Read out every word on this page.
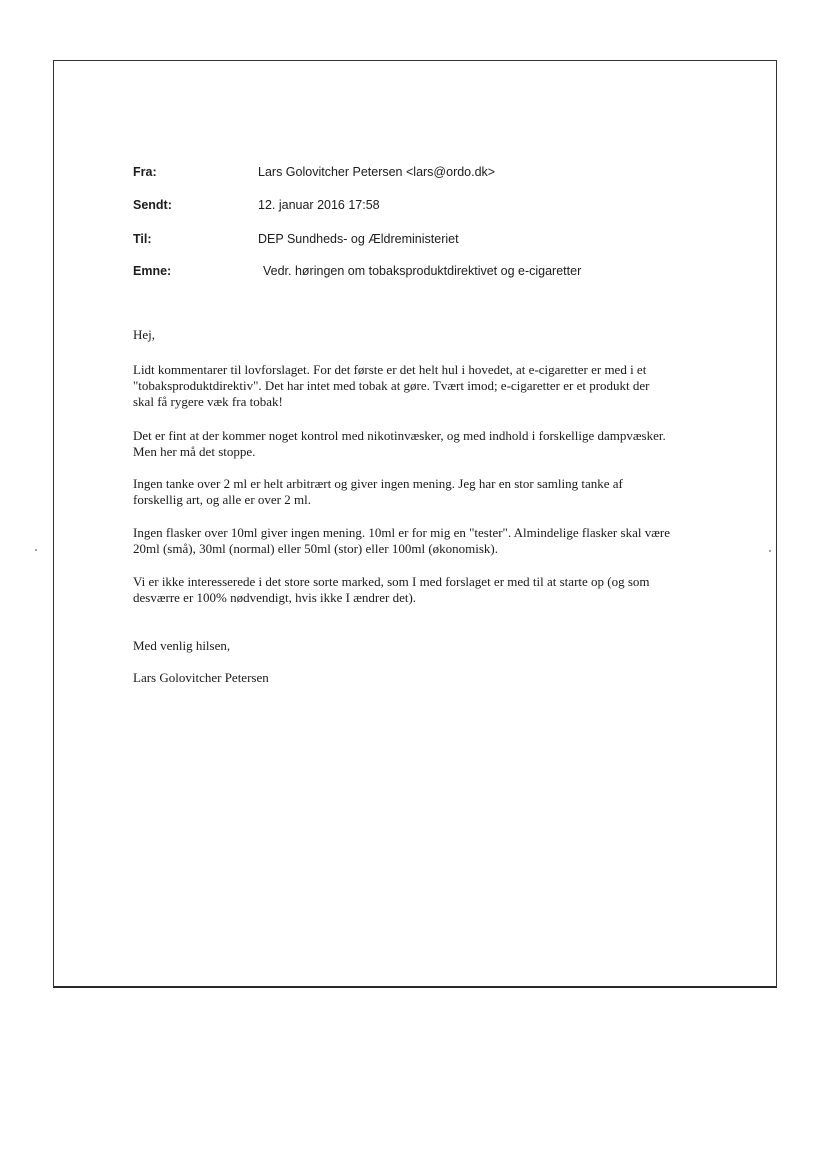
Fra:	Lars Golovitcher Petersen <lars@ordo.dk>
Sendt:	12. januar 2016 17:58
Til:	DEP Sundheds- og Ældreministeriet
Emne:	Vedr. høringen om tobaksproduktdirektivet og e-cigaretter
Hej,
Lidt kommentarer til lovforslaget. For det første er det helt hul i hovedet, at e-cigaretter er med i et "tobaksproduktdirektiv". Det har intet med tobak at gøre. Tvært imod; e-cigaretter er et produkt der skal få rygere væk fra tobak!
Det er fint at der kommer noget kontrol med nikotinvæsker, og med indhold i forskellige dampvæsker. Men her må det stoppe.
Ingen tanke over 2 ml er helt arbitrært og giver ingen mening. Jeg har en stor samling tanke af forskellig art, og alle er over 2 ml.
Ingen flasker over 10ml giver ingen mening. 10ml er for mig en "tester". Almindelige flasker skal være 20ml (små), 30ml (normal) eller 50ml (stor) eller 100ml (økonomisk).
Vi er ikke interesserede i det store sorte marked, som I med forslaget er med til at starte op (og som desværre er 100% nødvendigt, hvis ikke I ændrer det).
Med venlig hilsen,
Lars Golovitcher Petersen
